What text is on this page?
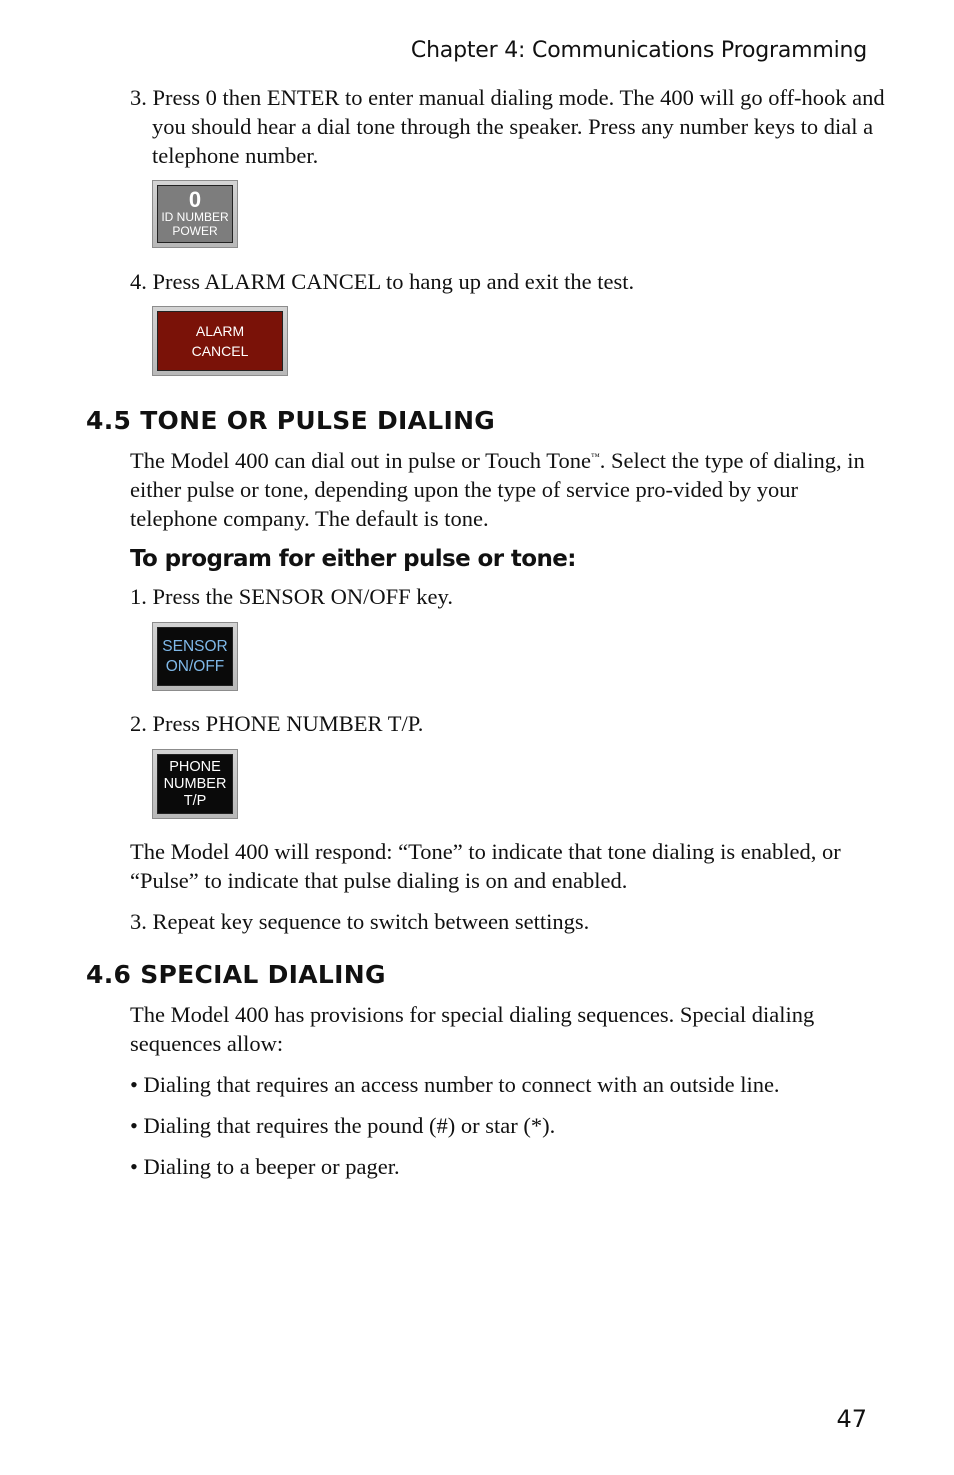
Chapter 4: Communications Programming

3. Press 0 then ENTER to enter manual dialing mode. The 400 will go off-hook and you should hear a dial tone through the speaker. Press any number keys to dial a telephone number.

0
ID NUMBER
POWER

4. Press ALARM CANCEL to hang up and exit the test.

ALARM
CANCEL
4.5 TONE OR PULSE DIALING

The Model 400 can dial out in pulse or Touch Tone™. Select the type of dialing, in either pulse or tone, depending upon the type of service pro-vided by your telephone company. The default is tone.

To program for either pulse or tone:

1. Press the SENSOR ON/OFF key.

SENSOR
ON/OFF

2. Press PHONE NUMBER T/P.

PHONE
NUMBER
T/P

The Model 400 will respond: “Tone” to indicate that tone dialing is enabled, or “Pulse” to indicate that pulse dialing is on and enabled.

3. Repeat key sequence to switch between settings.

4.6 SPECIAL DIALING

The Model 400 has provisions for special dialing sequences. Special dialing sequences allow:

• Dialing that requires an access number to connect with an outside line.

• Dialing that requires the pound (#) or star (*).

• Dialing to a beeper or pager.

47
